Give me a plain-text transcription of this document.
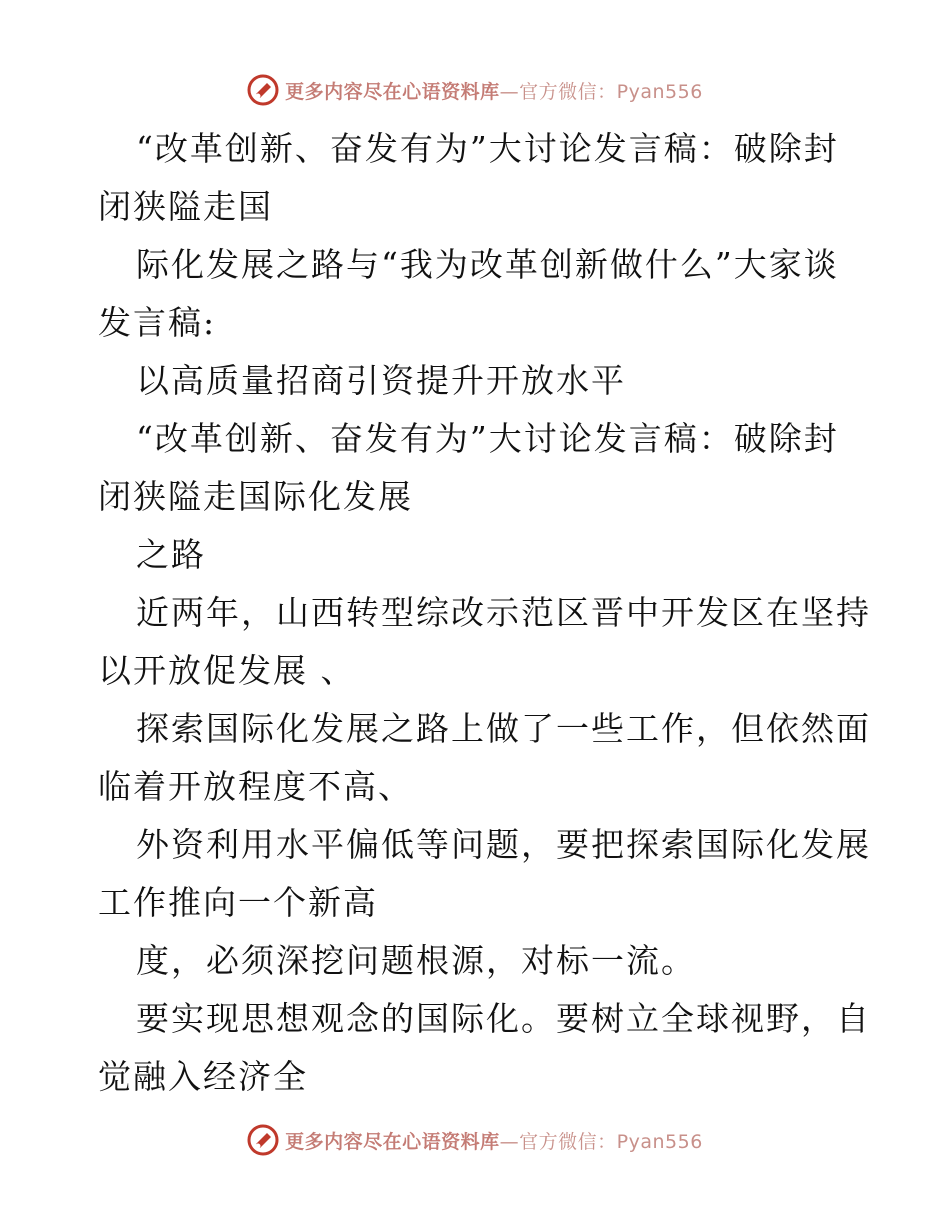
更多内容尽在心语资料库—官方微信：Pyan556
“改革创新、奋发有为”大讨论发言稿：破除封
闭狭隘走国
际化发展之路与“我为改革创新做什么”大家谈
发言稿:
以高质量招商引资提升开放水平
“改革创新、奋发有为”大讨论发言稿：破除封
闭狭隘走国际化发展
之路
近两年，山西转型综改示范区晋中开发区在坚持
以开放促发展 、
探索国际化发展之路上做了一些工作，但依然面
临着开放程度不高、
外资利用水平偏低等问题，要把探索国际化发展
工作推向一个新高
度，必须深挖问题根源，对标一流。
要实现思想观念的国际化。要树立全球视野，自
觉融入经济全
更多内容尽在心语资料库—官方微信：Pyan556
